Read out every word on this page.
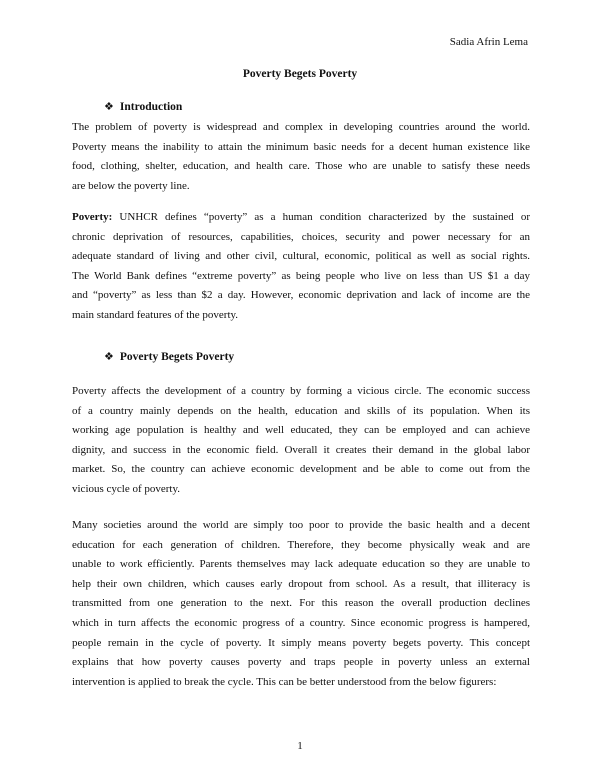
Sadia Afrin Lema
Poverty Begets Poverty
❖ Introduction
The problem of poverty is widespread and complex in developing countries around the world.
Poverty means the inability to attain the minimum basic needs for a decent human existence like
food, clothing, shelter, education, and health care. Those who are unable to satisfy these needs
are below the poverty line.
Poverty: UNHCR defines “poverty” as a human condition characterized by the sustained or
chronic deprivation of resources, capabilities, choices, security and power necessary for an
adequate standard of living and other civil, cultural, economic, political as well as social rights.
The World Bank defines “extreme poverty” as being people who live on less than US $1 a day
and “poverty” as less than $2 a day. However, economic deprivation and lack of income are the
main standard features of the poverty.
❖ Poverty Begets Poverty
Poverty affects the development of a country by forming a vicious circle. The economic success
of a country mainly depends on the health, education and skills of its population. When its
working age population is healthy and well educated, they can be employed and can achieve
dignity, and success in the economic field. Overall it creates their demand in the global labor
market. So, the country can achieve economic development and be able to come out from the
vicious cycle of poverty.
Many societies around the world are simply too poor to provide the basic health and a decent
education for each generation of children. Therefore, they become physically weak and are
unable to work efficiently. Parents themselves may lack adequate education so they are unable to
help their own children, which causes early dropout from school. As a result, that illiteracy is
transmitted from one generation to the next. For this reason the overall production declines
which in turn affects the economic progress of a country. Since economic progress is hampered,
people remain in the cycle of poverty. It simply means poverty begets poverty. This concept
explains that how poverty causes poverty and traps people in poverty unless an external
intervention is applied to break the cycle. This can be better understood from the below figurers:
1
